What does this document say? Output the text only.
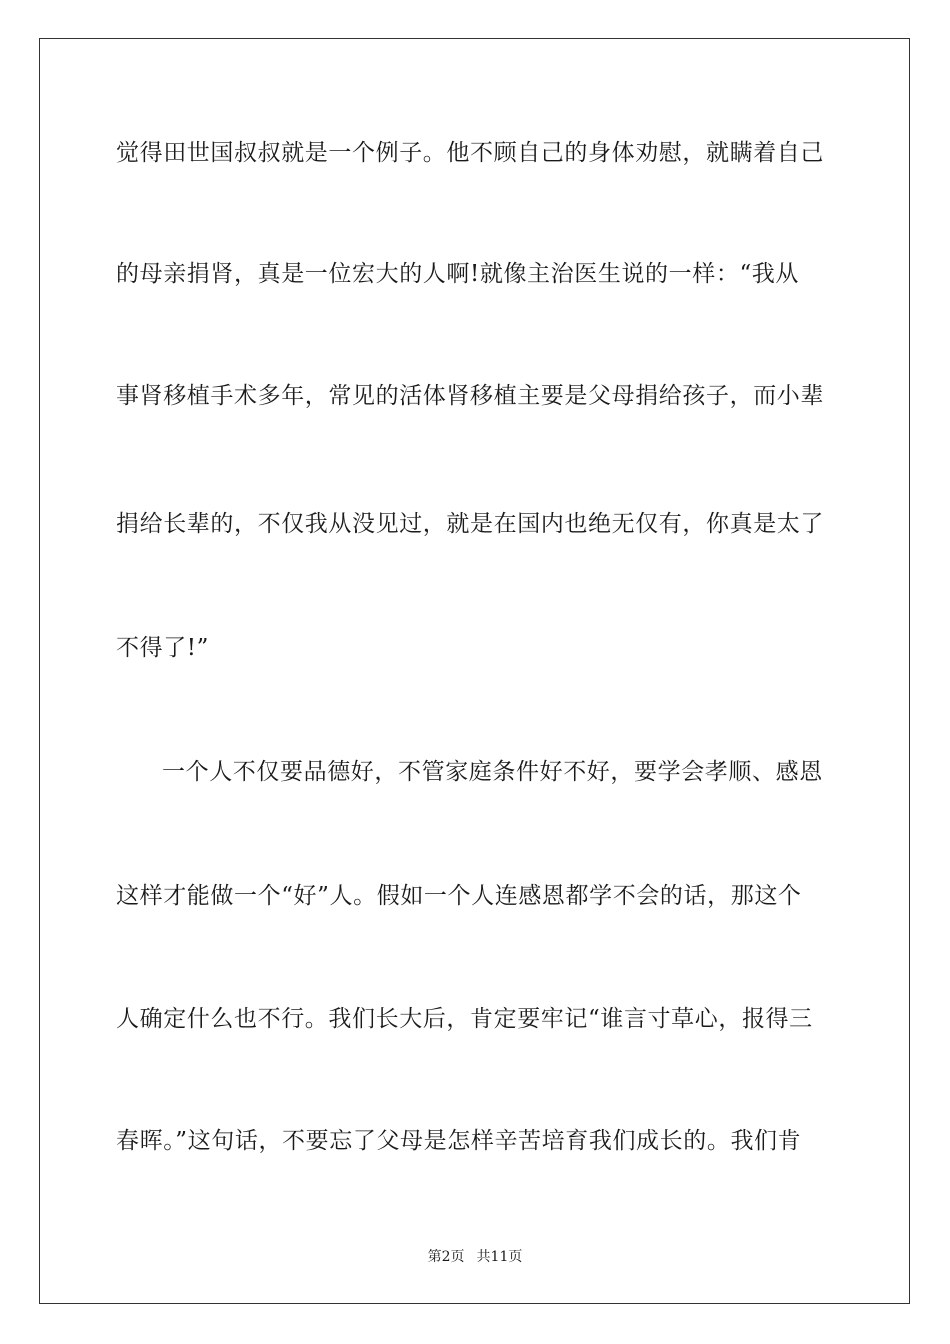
觉得田世国叔叔就是一个例子。他不顾自己的身体劝慰，就瞒着自己
的母亲捐肾，真是一位宏大的人啊!就像主治医生说的一样：“我从
事肾移植手术多年，常见的活体肾移植主要是父母捐给孩子，而小辈
捐给长辈的，不仅我从没见过，就是在国内也绝无仅有，你真是太了
不得了!”
一个人不仅要品德好，不管家庭条件好不好，要学会孝顺、感恩
这样才能做一个“好”人。假如一个人连感恩都学不会的话，那这个
人确定什么也不行。我们长大后，肯定要牢记“谁言寸草心，报得三
春晖。”这句话，不要忘了父母是怎样辛苦培育我们成长的。我们肯
第2页 共11页
